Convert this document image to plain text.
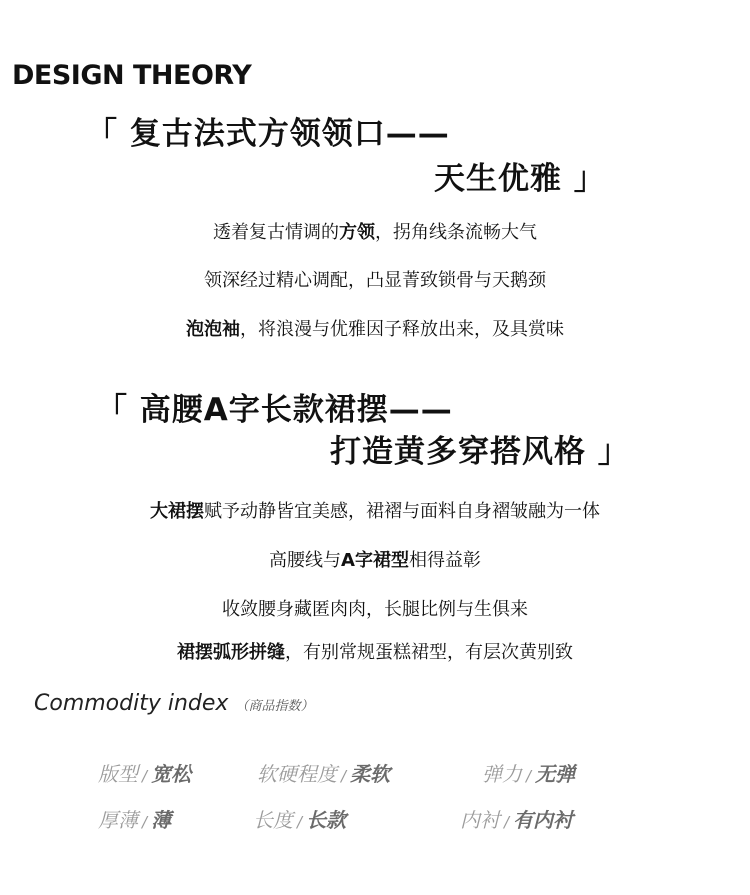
DESIGN THEORY
「 复古法式方领领口——
天生优雅 」
透着复古情调的方领，拐角线条流畅大气
领深经过精心调配，凸显菁致锁骨与天鹅颈
泡泡袖，将浪漫与优雅因子释放出来，及具赏味
「 高腰A字长款裙摆——
打造黄多穿搭风格 」
大裙摆赋予动静皆宜美感，裙褶与面料自身褶皱融为一体
高腰线与A字裙型相得益彰
收敛腰身藏匿肉肉，长腿比例与生俱来
裙摆弧形拼缝，有别常规蛋糕裙型，有层次黄别致
Commodity index （商品指数）
版型 / 宽松	软硬程度 / 柔软	弹力 / 无弹
厚薄 / 薄	长度 / 长款	内衬 / 有内衬
